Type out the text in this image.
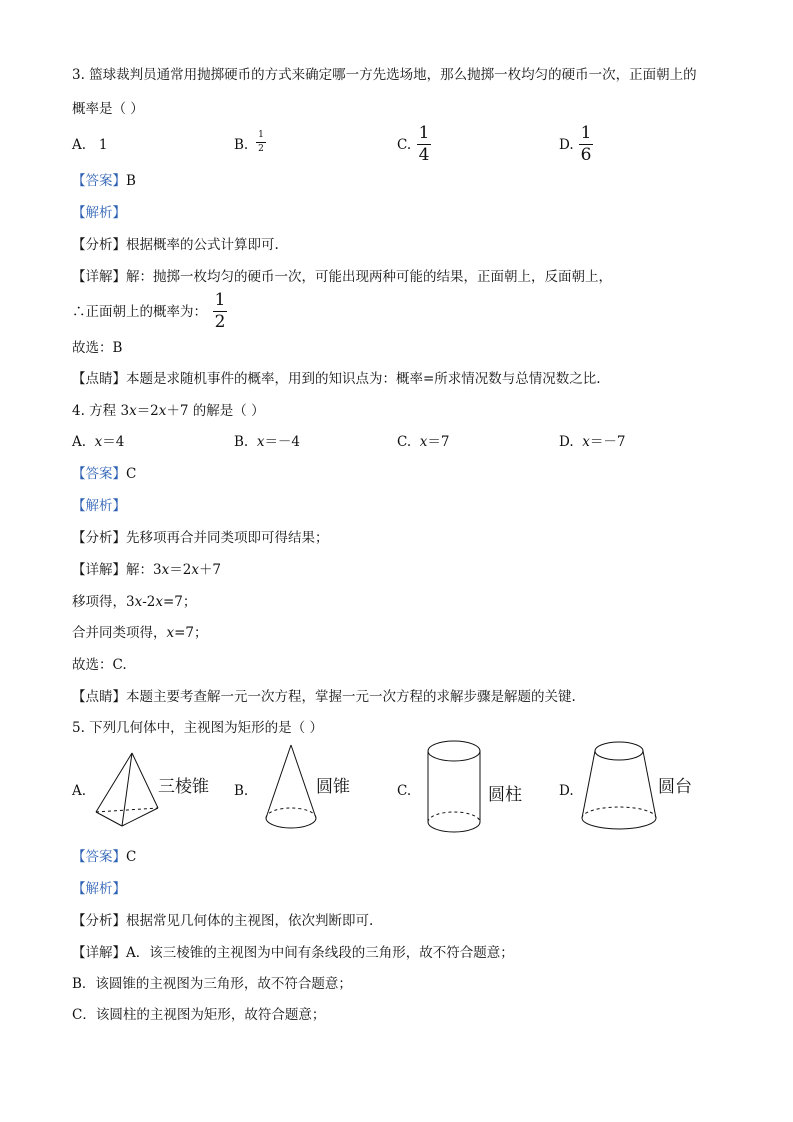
3. 篮球裁判员通常用抛掷硬币的方式来确定哪一方先选场地，那么抛掷一枚均匀的硬币一次，正面朝上的
概率是（ ）
A. 1	B.
1
2	C.
1
4	D.
1
6
【答案】B
【解析】
【分析】根据概率的公式计算即可.
【详解】解：抛掷一枚均匀的硬币一次，可能出现两种可能的结果，正面朝上，反面朝上，
∴正面朝上的概率为：
1
2
故选：B
【点睛】本题是求随机事件的概率，用到的知识点为：概率=所求情况数与总情况数之比.
4. 方程 3x＝2x＋7 的解是（ ）
A. x＝4	B. x＝－4	C. x＝7	D. x＝－7
【答案】C
【解析】
【分析】先移项再合并同类项即可得结果；
【详解】解：3x＝2x＋7
移项得，3x-2x=7；
合并同类项得，x=7；
故选：C.
【点睛】本题主要考查解一元一次方程，掌握一元一次方程的求解步骤是解题的关键.
5. 下列几何体中，主视图为矩形的是（ ）
A.	三棱锥 B.	圆锥	C.	圆柱	D.	圆台
【答案】C
【解析】
【分析】根据常见几何体的主视图，依次判断即可.
【详解】A．该三棱锥的主视图为中间有条线段的三角形，故不符合题意；
B．该圆锥的主视图为三角形，故不符合题意；
C．该圆柱的主视图为矩形，故符合题意；
